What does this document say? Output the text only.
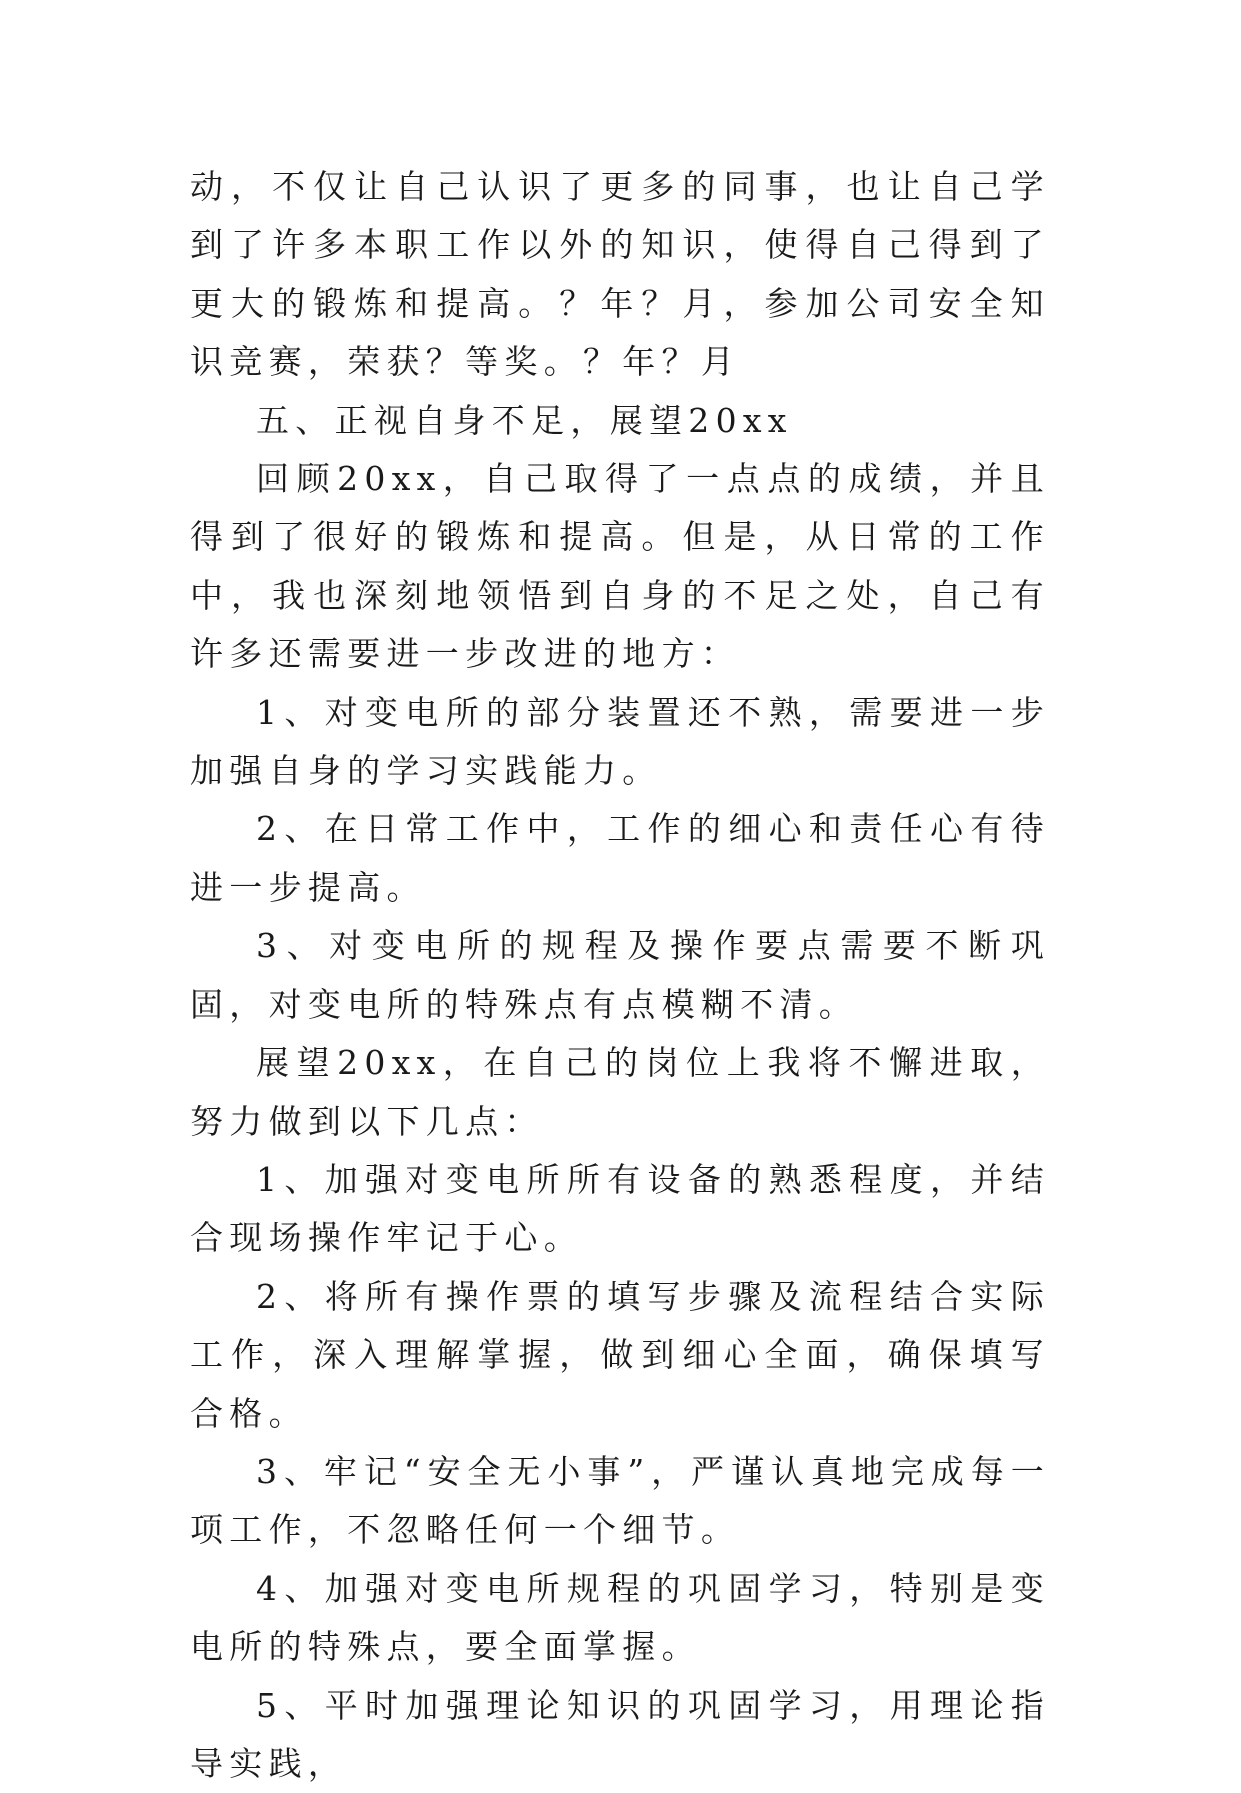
动，不仅让自己认识了更多的同事，也让自己学到了许多本职工作以外的知识，使得自己得到了更大的锻炼和提高。？年？月，参加公司安全知识竞赛，荣获？等奖。？年？月

五、正视自身不足，展望20xx

回顾20xx，自己取得了一点点的成绩，并且得到了很好的锻炼和提高。但是，从日常的工作中，我也深刻地领悟到自身的不足之处，自己有许多还需要进一步改进的地方：

1、对变电所的部分装置还不熟，需要进一步加强自身的学习实践能力。

2、在日常工作中，工作的细心和责任心有待进一步提高。

3、对变电所的规程及操作要点需要不断巩固，对变电所的特殊点有点模糊不清。

展望20xx，在自己的岗位上我将不懈进取，努力做到以下几点：

1、加强对变电所所有设备的熟悉程度，并结合现场操作牢记于心。

2、将所有操作票的填写步骤及流程结合实际工作，深入理解掌握，做到细心全面，确保填写合格。

3、牢记“安全无小事”，严谨认真地完成每一项工作，不忽略任何一个细节。

4、加强对变电所规程的巩固学习，特别是变电所的特殊点，要全面掌握。

5、平时加强理论知识的巩固学习，用理论指导实践，
